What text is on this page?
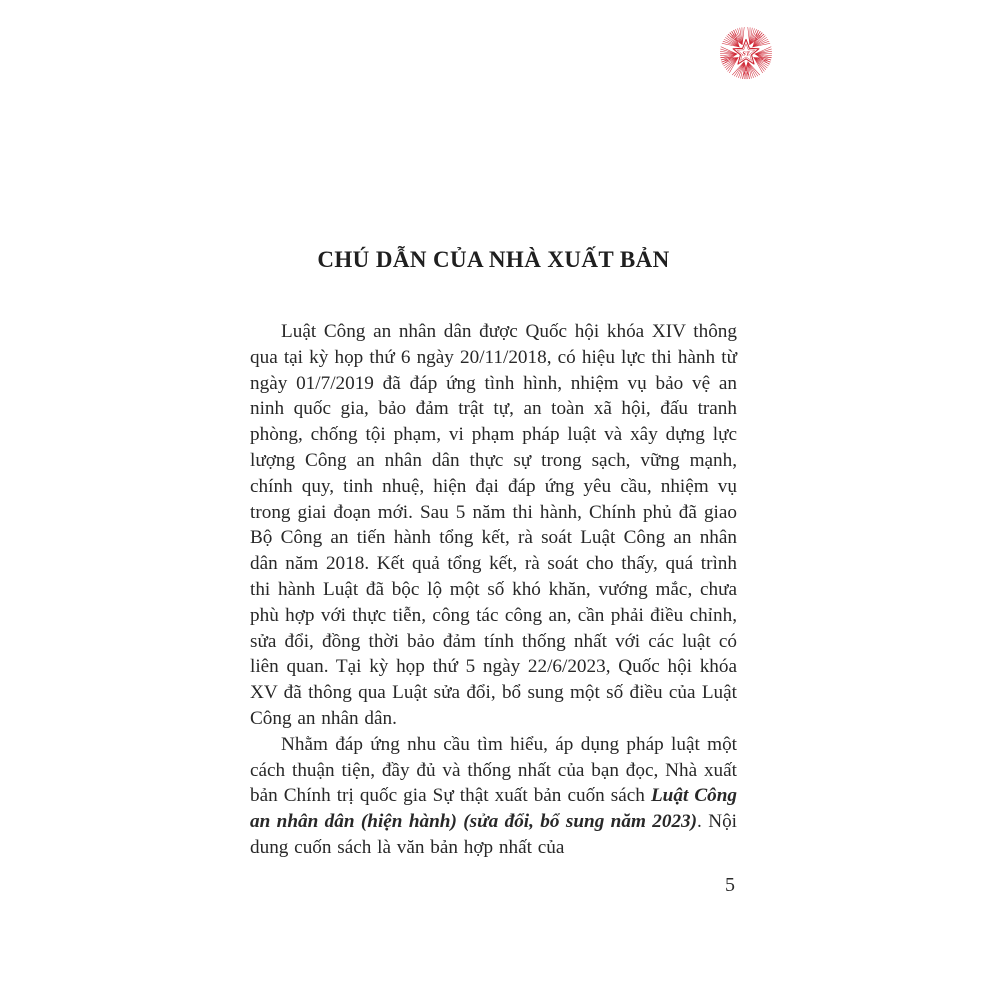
ST
CHÚ DẪN CỦA NHÀ XUẤT BẢN

Luật Công an nhân dân được Quốc hội khóa XIV thông qua tại kỳ họp thứ 6 ngày 20/11/2018, có hiệu lực thi hành từ ngày 01/7/2019 đã đáp ứng tình hình, nhiệm vụ bảo vệ an ninh quốc gia, bảo đảm trật tự, an toàn xã hội, đấu tranh phòng, chống tội phạm, vi phạm pháp luật và xây dựng lực lượng Công an nhân dân thực sự trong sạch, vững mạnh, chính quy, tinh nhuệ, hiện đại đáp ứng yêu cầu, nhiệm vụ trong giai đoạn mới. Sau 5 năm thi hành, Chính phủ đã giao Bộ Công an tiến hành tổng kết, rà soát Luật Công an nhân dân năm 2018. Kết quả tổng kết, rà soát cho thấy, quá trình thi hành Luật đã bộc lộ một số khó khăn, vướng mắc, chưa phù hợp với thực tiễn, công tác công an, cần phải điều chỉnh, sửa đổi, đồng thời bảo đảm tính thống nhất với các luật có liên quan. Tại kỳ họp thứ 5 ngày 22/6/2023, Quốc hội khóa XV đã thông qua Luật sửa đổi, bổ sung một số điều của Luật Công an nhân dân.

Nhằm đáp ứng nhu cầu tìm hiểu, áp dụng pháp luật một cách thuận tiện, đầy đủ và thống nhất của bạn đọc, Nhà xuất bản Chính trị quốc gia Sự thật xuất bản cuốn sách Luật Công an nhân dân (hiện hành) (sửa đổi, bổ sung năm 2023). Nội dung cuốn sách là văn bản hợp nhất của

5
